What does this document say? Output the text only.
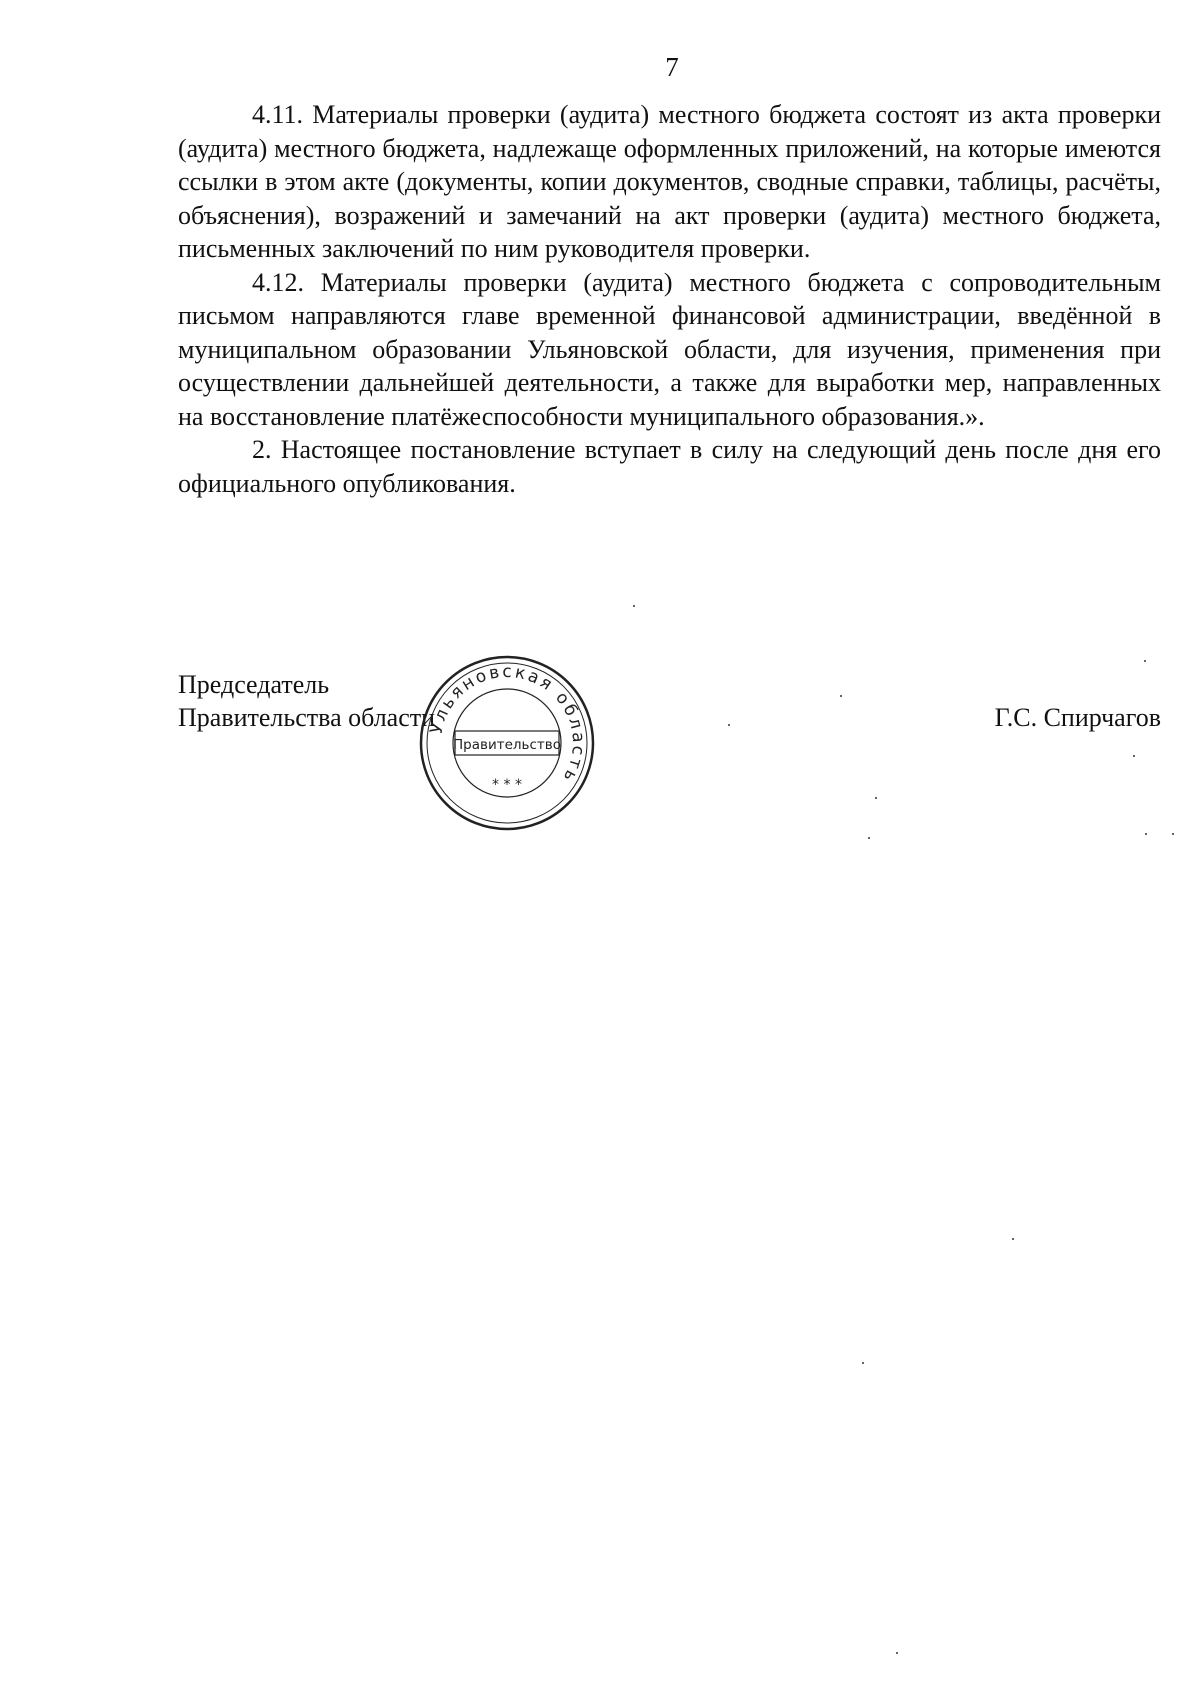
7

4.11. Материалы проверки (аудита) местного бюджета состоят из акта проверки (аудита) местного бюджета, надлежаще оформленных приложений, на которые имеются ссылки в этом акте (документы, копии документов, сводные справки, таблицы, расчёты, объяснения), возражений и замечаний на акт проверки (аудита) местного бюджета, письменных заключений по ним руководителя проверки.

4.12. Материалы проверки (аудита) местного бюджета с сопроводительным письмом направляются главе временной финансовой администрации, введённой в муниципальном образовании Ульяновской области, для изучения, применения при осуществлении дальнейшей деятельности, а также для выработки мер, направленных на восстановление платёжеспособности муниципального образования.».

2. Настоящее постановление вступает в силу на следующий день после дня его официального опубликования.

Председатель
Правительства области	Г.С. Спирчагов
Ульяновская область
Правительство
* * *
